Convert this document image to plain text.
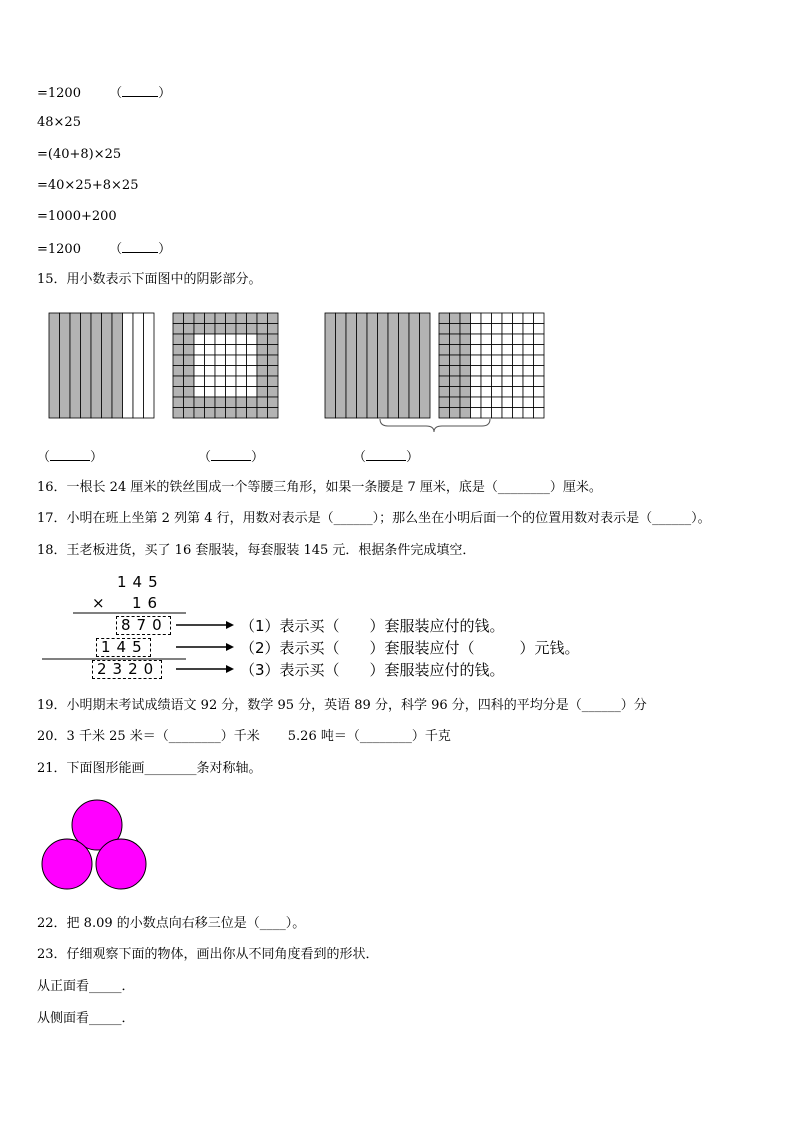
=1200 （	）
48×25
=(40+8)×25
=40×25+8×25
=1000+200
=1200 （	）
15．用小数表示下面图中的阴影部分。
（	）	（	）	（	）
16．一根长 24 厘米的铁丝围成一个等腰三角形，如果一条腰是 7 厘米，底是（________）厘米。
17．小明在班上坐第 2 列第 4 行，用数对表示是（______）；那么坐在小明后面一个的位置用数对表示是（______）。
18．王老板进货，买了 16 套服装，每套服装 145 元．根据条件完成填空．
145
× 16
870
145
2320
（1）表示买（　　）套服装应付的钱。
（2）表示买（　　）套服装应付（　　　）元钱。
（3）表示买（　　）套服装应付的钱。
19．小明期末考试成绩语文 92 分，数学 95 分，英语 89 分，科学 96 分，四科的平均分是（______）分
20．3 千米 25 米＝（________）千米 5.26 吨＝（________）千克
21．下面图形能画________条对称轴。
22．把 8.09 的小数点向右移三位是（____）。
23．仔细观察下面的物体，画出你从不同角度看到的形状．
从正面看_____．
从侧面看_____．
